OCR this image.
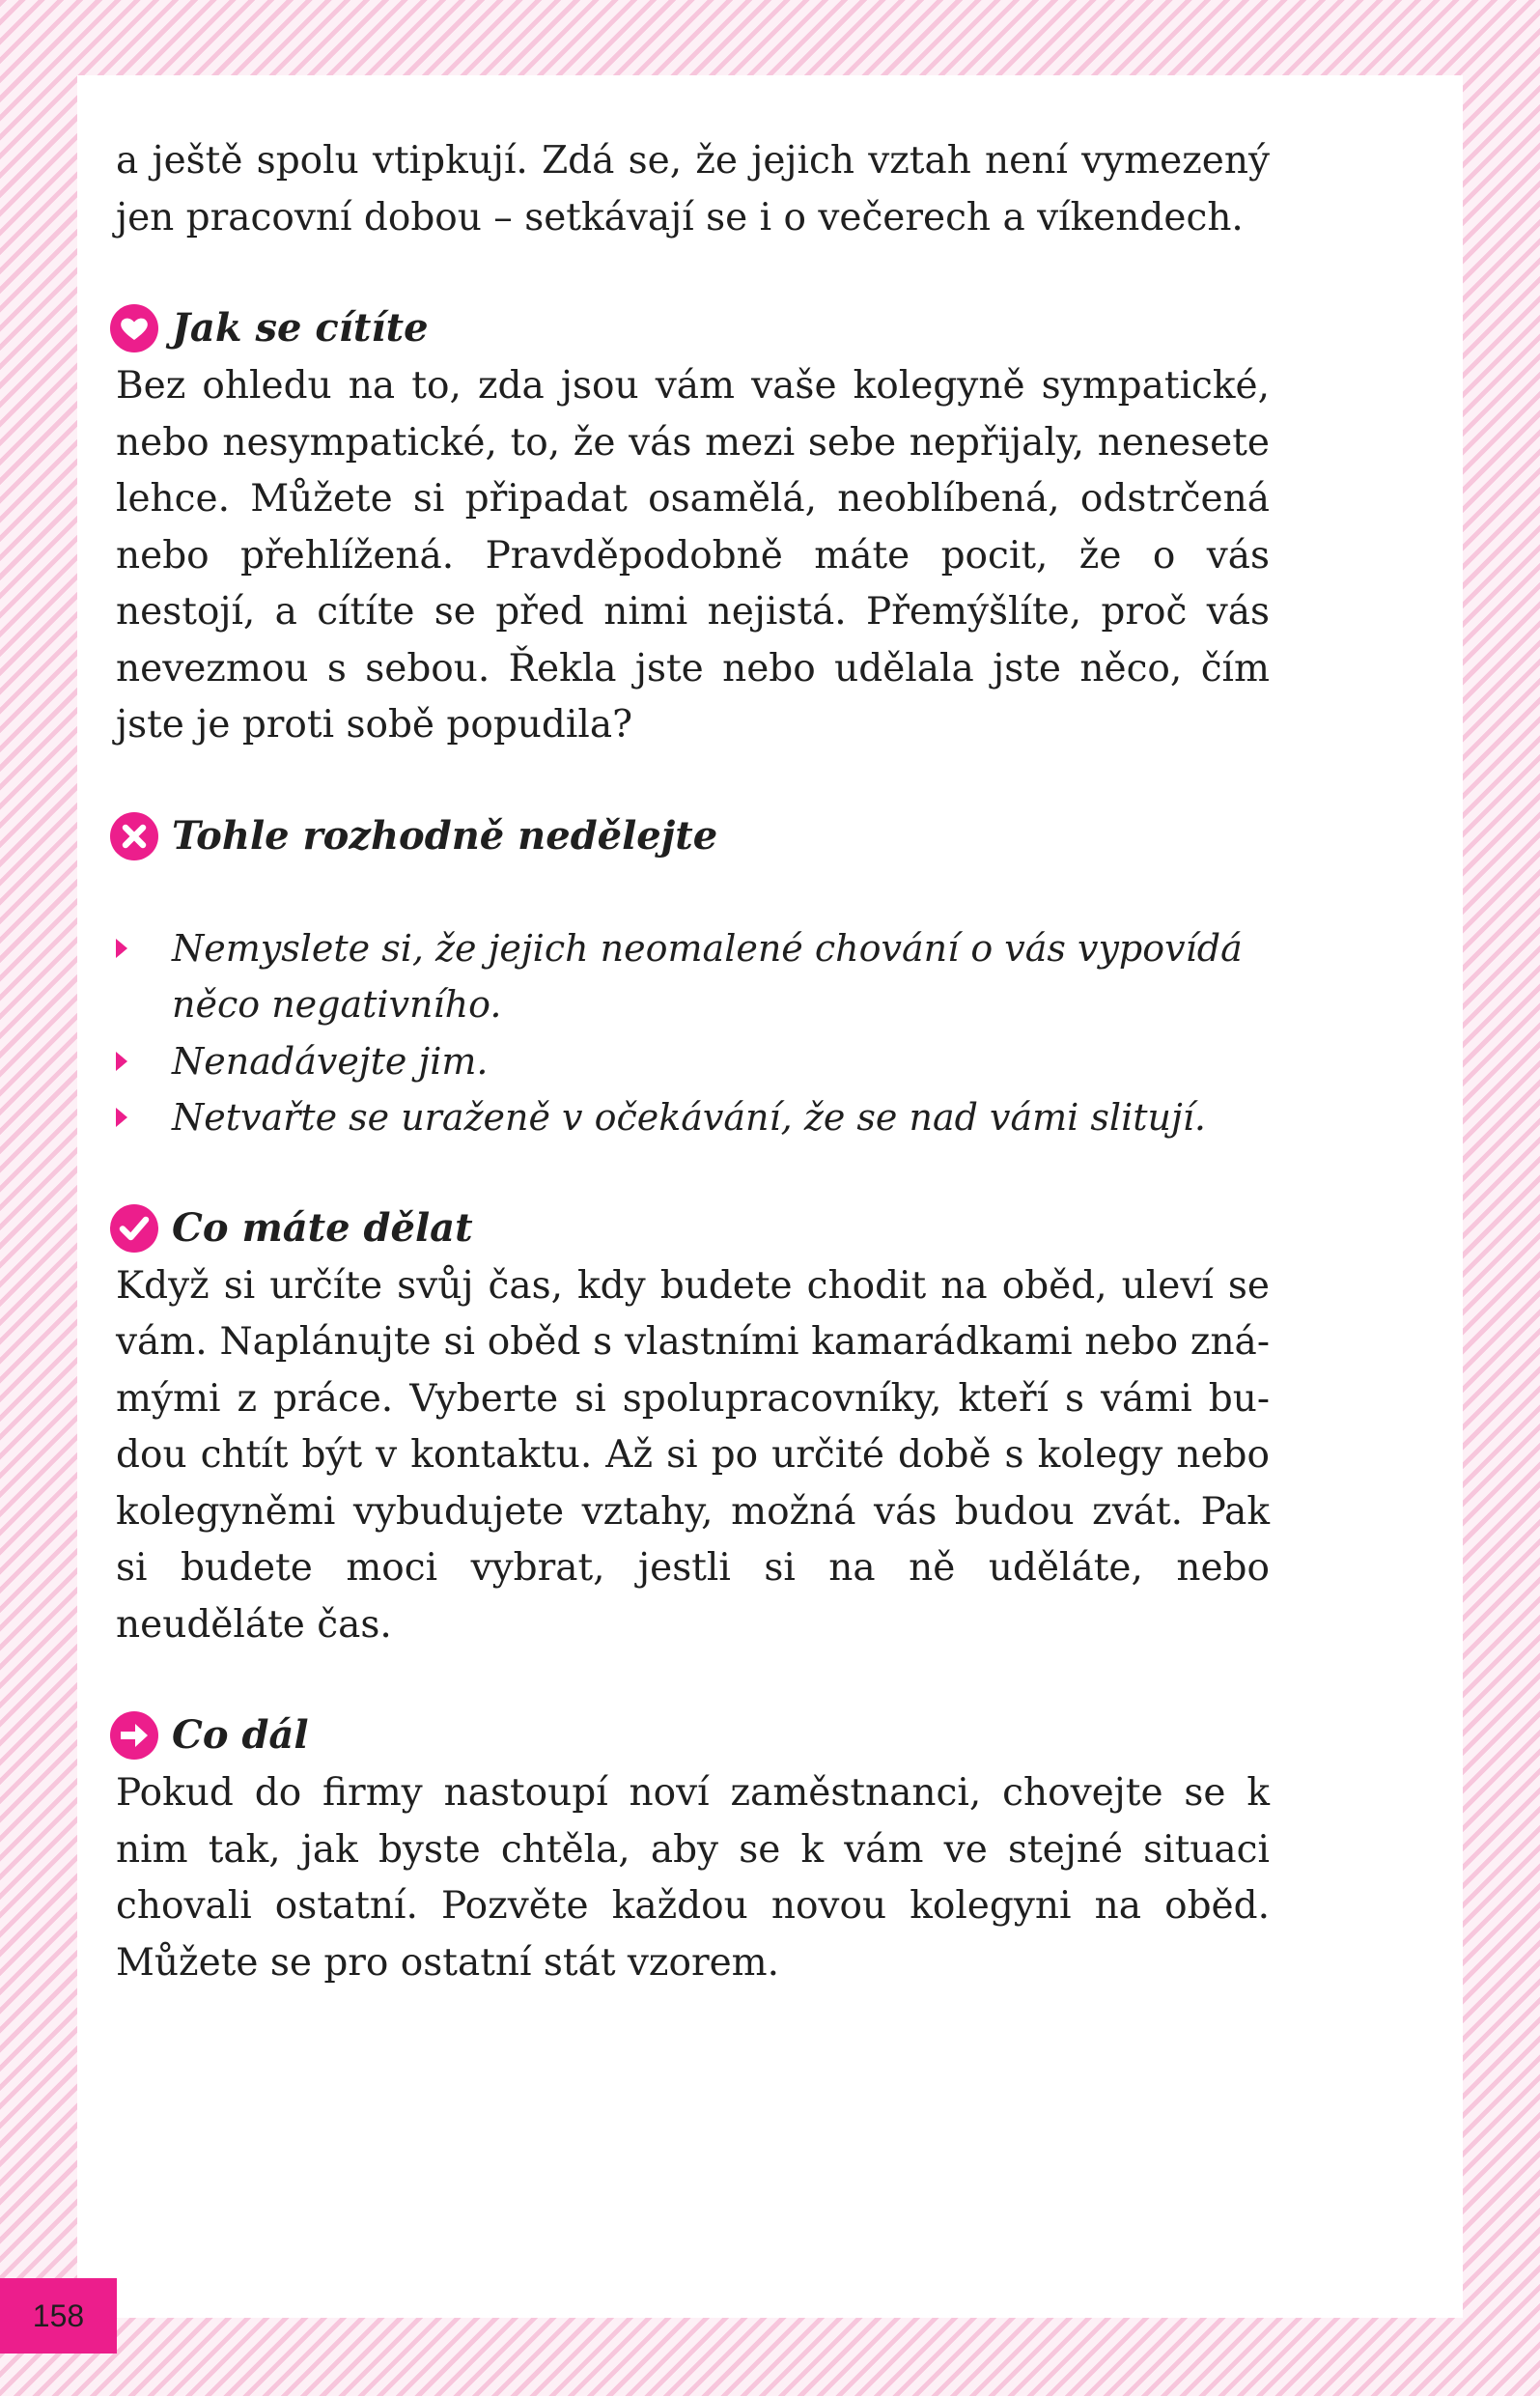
a ještě spolu vtipkují. Zdá se, že jejich vztah není vymezený jen pracovní dobou – setkávají se i o večerech a víkendech.

Jak se cítíte

Bez ohledu na to, zda jsou vám vaše kolegyně sympatické, nebo nesympatické, to, že vás mezi sebe nepřijaly, nenesete lehce. Můžete si připadat osamělá, neoblíbená, odstrčená nebo přehlížená. Pravděpodobně máte pocit, že o vás nestojí, a cítíte se před nimi nejistá. Přemýšlíte, proč vás nevezmou s sebou. Řekla jste nebo udělala jste něco, čím jste je proti sobě popudila?

Tohle rozhodně nedělejte
Nemyslete si, že jejich neomalené chování o vás vypovídá něco negativního.
Nenadávejte jim.
Netvařte se uraženě v očekávání, že se nad vámi slitují.
Co máte dělat

Když si určíte svůj čas, kdy budete chodit na oběd, uleví se vám. Naplánujte si oběd s vlastními kamarádkami nebo známými z práce. Vyberte si spolupracovníky, kteří s vámi budou chtít být v kontaktu. Až si po určité době s kolegy nebo kolegyněmi vybudujete vztahy, možná vás budou zvát. Pak si budete moci vybrat, jestli si na ně uděláte, nebo neuděláte čas.

Co dál

Pokud do firmy nastoupí noví zaměstnanci, chovejte se k nim tak, jak byste chtěla, aby se k vám ve stejné situaci chovali ostatní. Pozvěte každou novou kolegyni na oběd. Můžete se pro ostatní stát vzorem.

158
